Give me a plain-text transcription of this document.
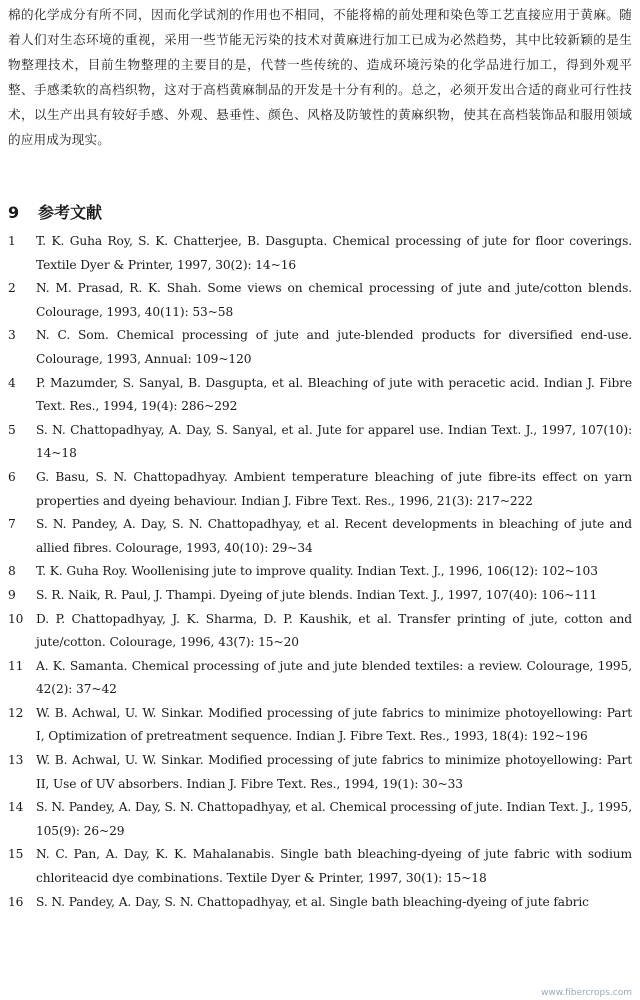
棉的化学成分有所不同，因而化学试剂的作用也不相同，不能将棉的前处理和染色等工艺直接应用于黄麻。随着人们对生态环境的重视，采用一些节能无污染的技术对黄麻进行加工已成为必然趋势，其中比较新颖的是生物整理技术，目前生物整理的主要目的是，代替一些传统的、造成环境污染的化学品进行加工，得到外观平整、手感柔软的高档织物，这对于高档黄麻制品的开发是十分有利的。总之，必须开发出合适的商业可行性技术，以生产出具有较好手感、外观、悬垂性、颜色、风格及防皱性的黄麻织物，使其在高档装饰品和服用领域的应用成为现实。

9 参考文献
1	T. K. Guha Roy, S. K. Chatterjee, B. Dasgupta. Chemical processing of jute for floor coverings. Textile Dyer & Printer, 1997, 30(2): 14~16
2	N. M. Prasad, R. K. Shah. Some views on chemical processing of jute and jute/cotton blends. Colourage, 1993, 40(11): 53~58
3	N. C. Som. Chemical processing of jute and jute-blended products for diversified end-use. Colourage, 1993, Annual: 109~120
4	P. Mazumder, S. Sanyal, B. Dasgupta, et al. Bleaching of jute with peracetic acid. Indian J. Fibre Text. Res., 1994, 19(4): 286~292
5	S. N. Chattopadhyay, A. Day, S. Sanyal, et al. Jute for apparel use. Indian Text. J., 1997, 107(10): 14~18
6	G. Basu, S. N. Chattopadhyay. Ambient temperature bleaching of jute fibre-its effect on yarn properties and dyeing behaviour. Indian J. Fibre Text. Res., 1996, 21(3): 217~222
7	S. N. Pandey, A. Day, S. N. Chattopadhyay, et al. Recent developments in bleaching of jute and allied fibres. Colourage, 1993, 40(10): 29~34
8	T. K. Guha Roy. Woollenising jute to improve quality. Indian Text. J., 1996, 106(12): 102~103
9	S. R. Naik, R. Paul, J. Thampi. Dyeing of jute blends. Indian Text. J., 1997, 107(40): 106~111
10	D. P. Chattopadhyay, J. K. Sharma, D. P. Kaushik, et al. Transfer printing of jute, cotton and jute/cotton. Colourage, 1996, 43(7): 15~20
11	A. K. Samanta. Chemical processing of jute and jute blended textiles: a review. Colourage, 1995, 42(2): 37~42
12	W. B. Achwal, U. W. Sinkar. Modified processing of jute fabrics to minimize photoyellowing: Part I, Optimization of pretreatment sequence. Indian J. Fibre Text. Res., 1993, 18(4): 192~196
13	W. B. Achwal, U. W. Sinkar. Modified processing of jute fabrics to minimize photoyellowing: Part II, Use of UV absorbers. Indian J. Fibre Text. Res., 1994, 19(1): 30~33
14	S. N. Pandey, A. Day, S. N. Chattopadhyay, et al. Chemical processing of jute. Indian Text. J., 1995, 105(9): 26~29
15	N. C. Pan, A. Day, K. K. Mahalanabis. Single bath bleaching-dyeing of jute fabric with sodium chloriteacid dye combinations. Textile Dyer & Printer, 1997, 30(1): 15~18
16	S. N. Pandey, A. Day, S. N. Chattopadhyay, et al. Single bath bleaching-dyeing of jute fabric
www.fibercrops.com
